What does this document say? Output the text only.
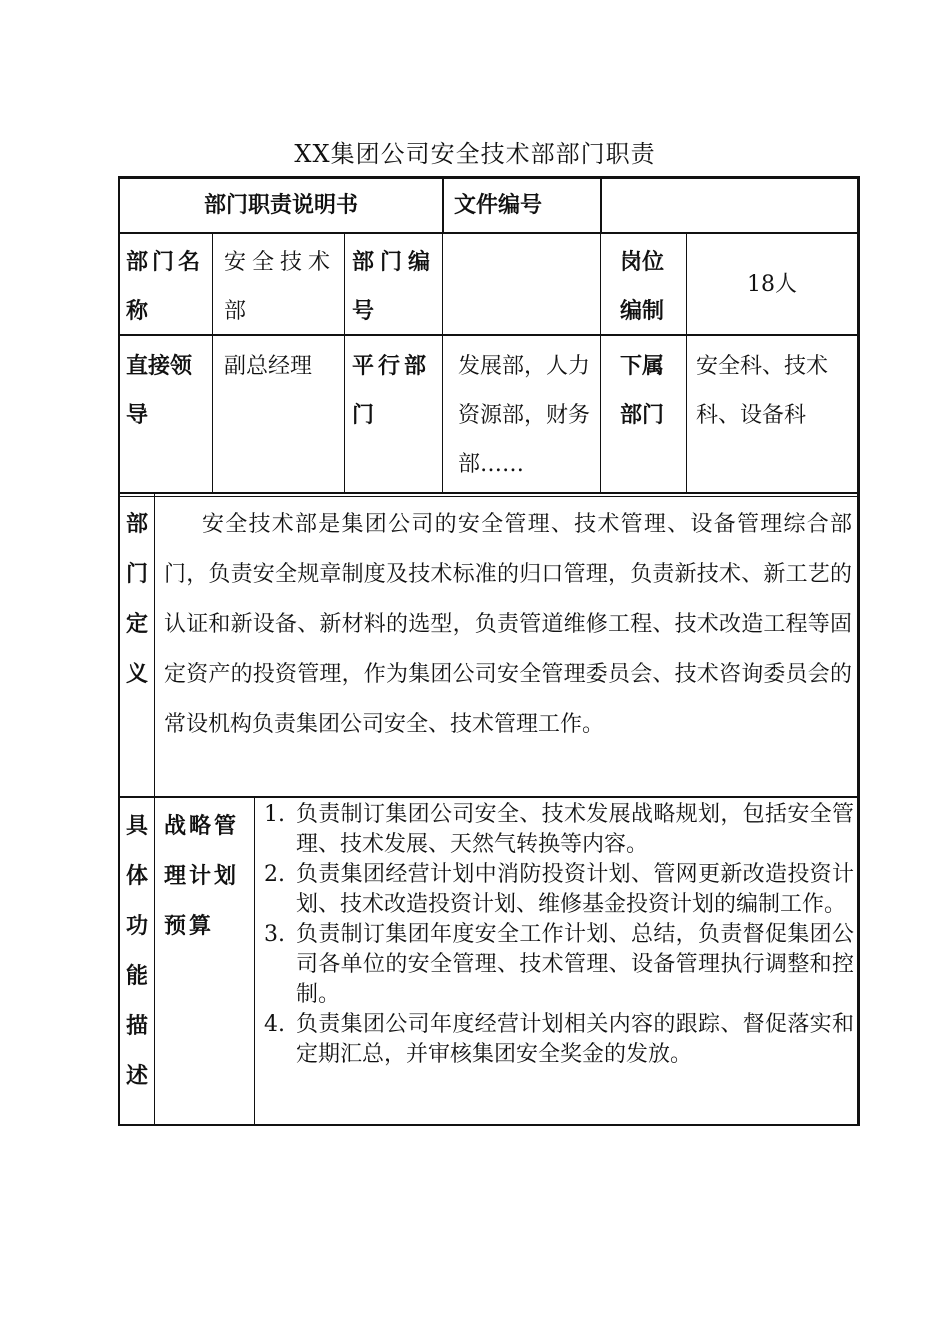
XX集团公司安全技术部部门职责
部门职责说明书	文件编号
部门名称
安全技术部
部门编号
岗位编制
18人
直接领导
副总经理	平行部门
发展部，人力资源部，财务部……
下属部门
安全科、技术科、设备科
部门定义
安全技术部是集团公司的安全管理、技术管理、设备管理综合部门，负责安全规章制度及技术标准的归口管理，负责新技术、新工艺的认证和新设备、新材料的选型，负责管道维修工程、技术改造工程等固定资产的投资管理，作为集团公司安全管理委员会、技术咨询委员会的常设机构负责集团公司安全、技术管理工作。
具体功能描述
战略管理计划预算
1. 负责制订集团公司安全、技术发展战略规划，包括安全管理、技术发展、天然气转换等内容。
2. 负责集团经营计划中消防投资计划、管网更新改造投资计划、技术改造投资计划、维修基金投资计划的编制工作。
3. 负责制订集团年度安全工作计划、总结，负责督促集团公司各单位的安全管理、技术管理、设备管理执行调整和控制。
4. 负责集团公司年度经营计划相关内容的跟踪、督促落实和定期汇总，并审核集团安全奖金的发放。
